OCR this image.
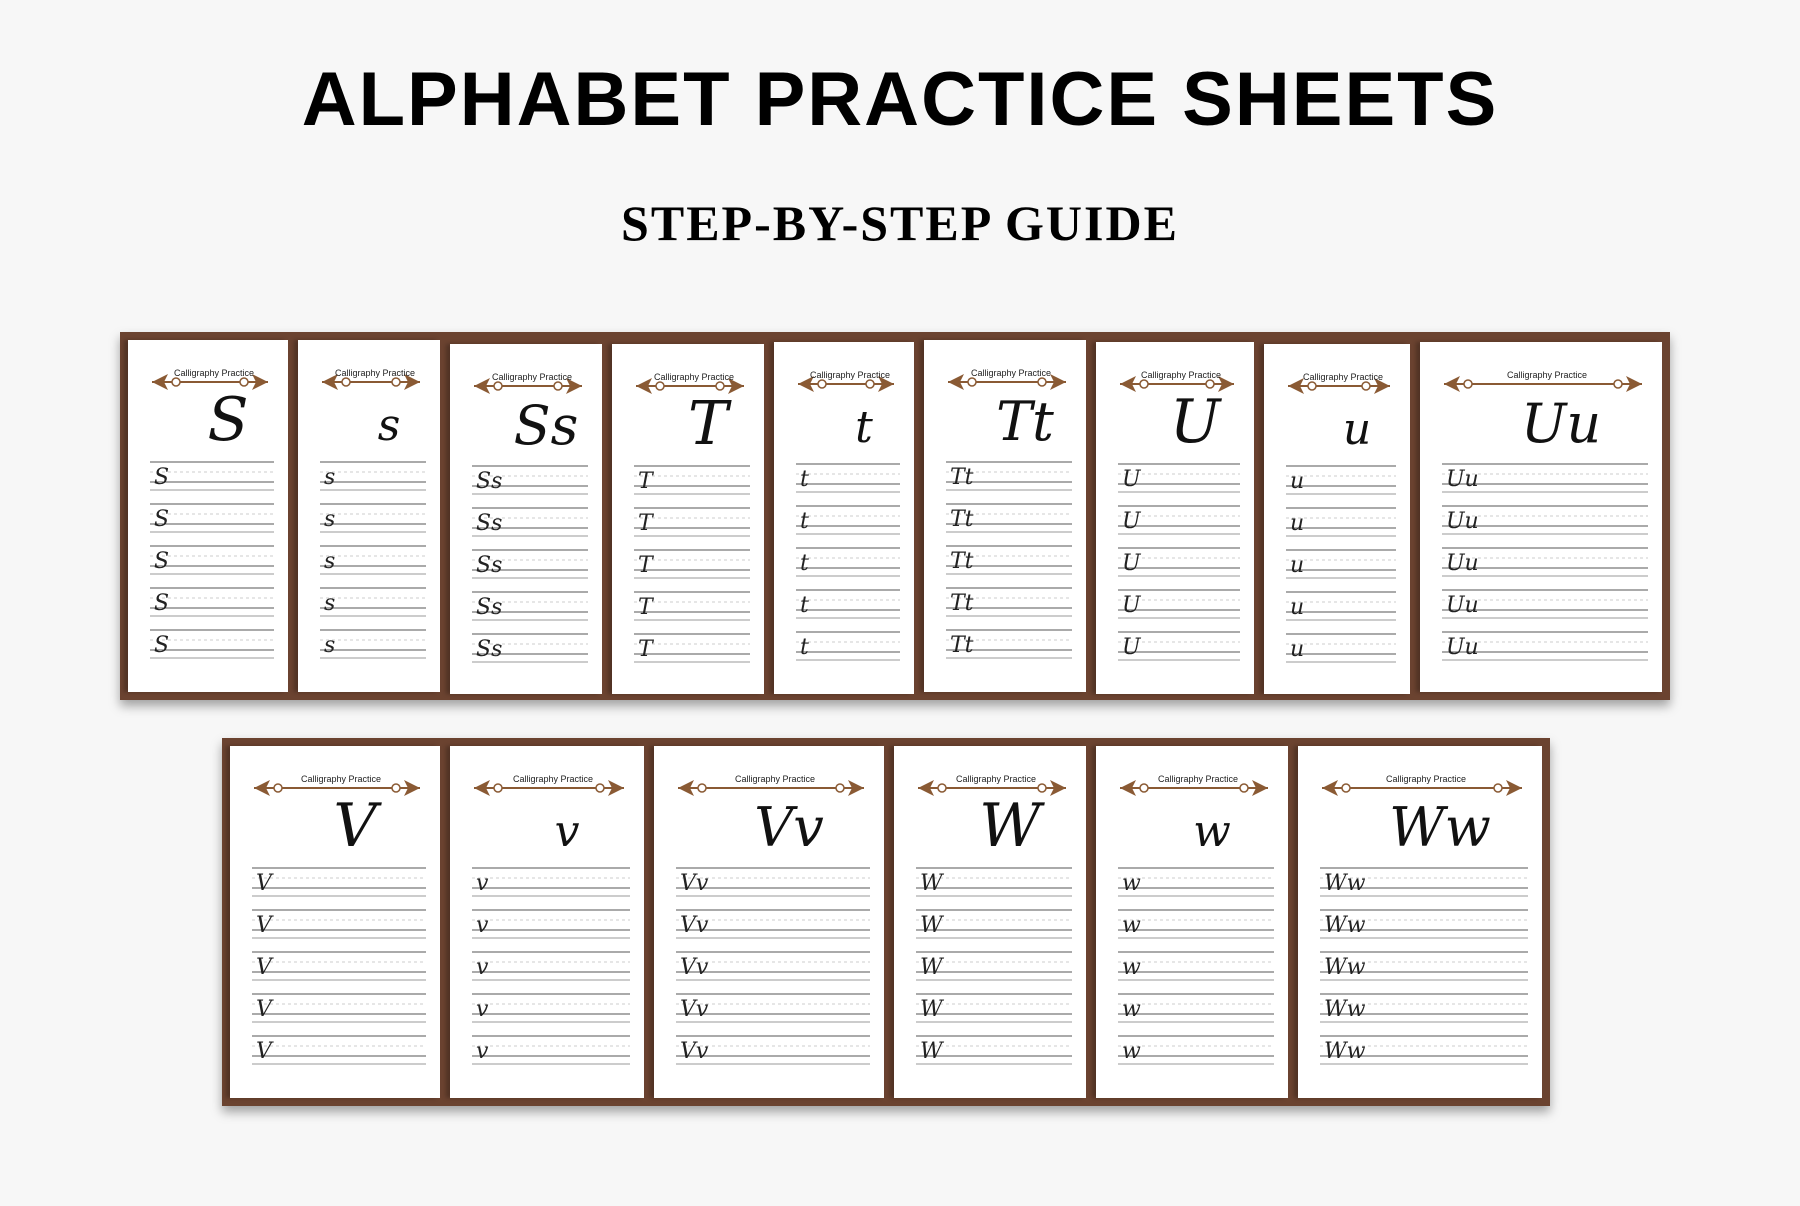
ALPHABET PRACTICE SHEETS
STEP-BY-STEP GUIDE
Calligraphy Practice
S
S
S
S
S
S
Calligraphy Practice
s
s
s
s
s
s
Calligraphy Practice
Ss
Ss
Ss
Ss
Ss
Ss
Calligraphy Practice
T
T
T
T
T
T
Calligraphy Practice
t
t
t
t
t
t
Calligraphy Practice
Tt
Tt
Tt
Tt
Tt
Tt
Calligraphy Practice
U
U
U
U
U
U
Calligraphy Practice
u
u
u
u
u
u
Calligraphy Practice
Uu
Uu
Uu
Uu
Uu
Uu
Calligraphy Practice
V
V
V
V
V
V
Calligraphy Practice
v
v
v
v
v
v
Calligraphy Practice
Vv
Vv
Vv
Vv
Vv
Vv
Calligraphy Practice
W
W
W
W
W
W
Calligraphy Practice
w
w
w
w
w
w
Calligraphy Practice
Ww
Ww
Ww
Ww
Ww
Ww
